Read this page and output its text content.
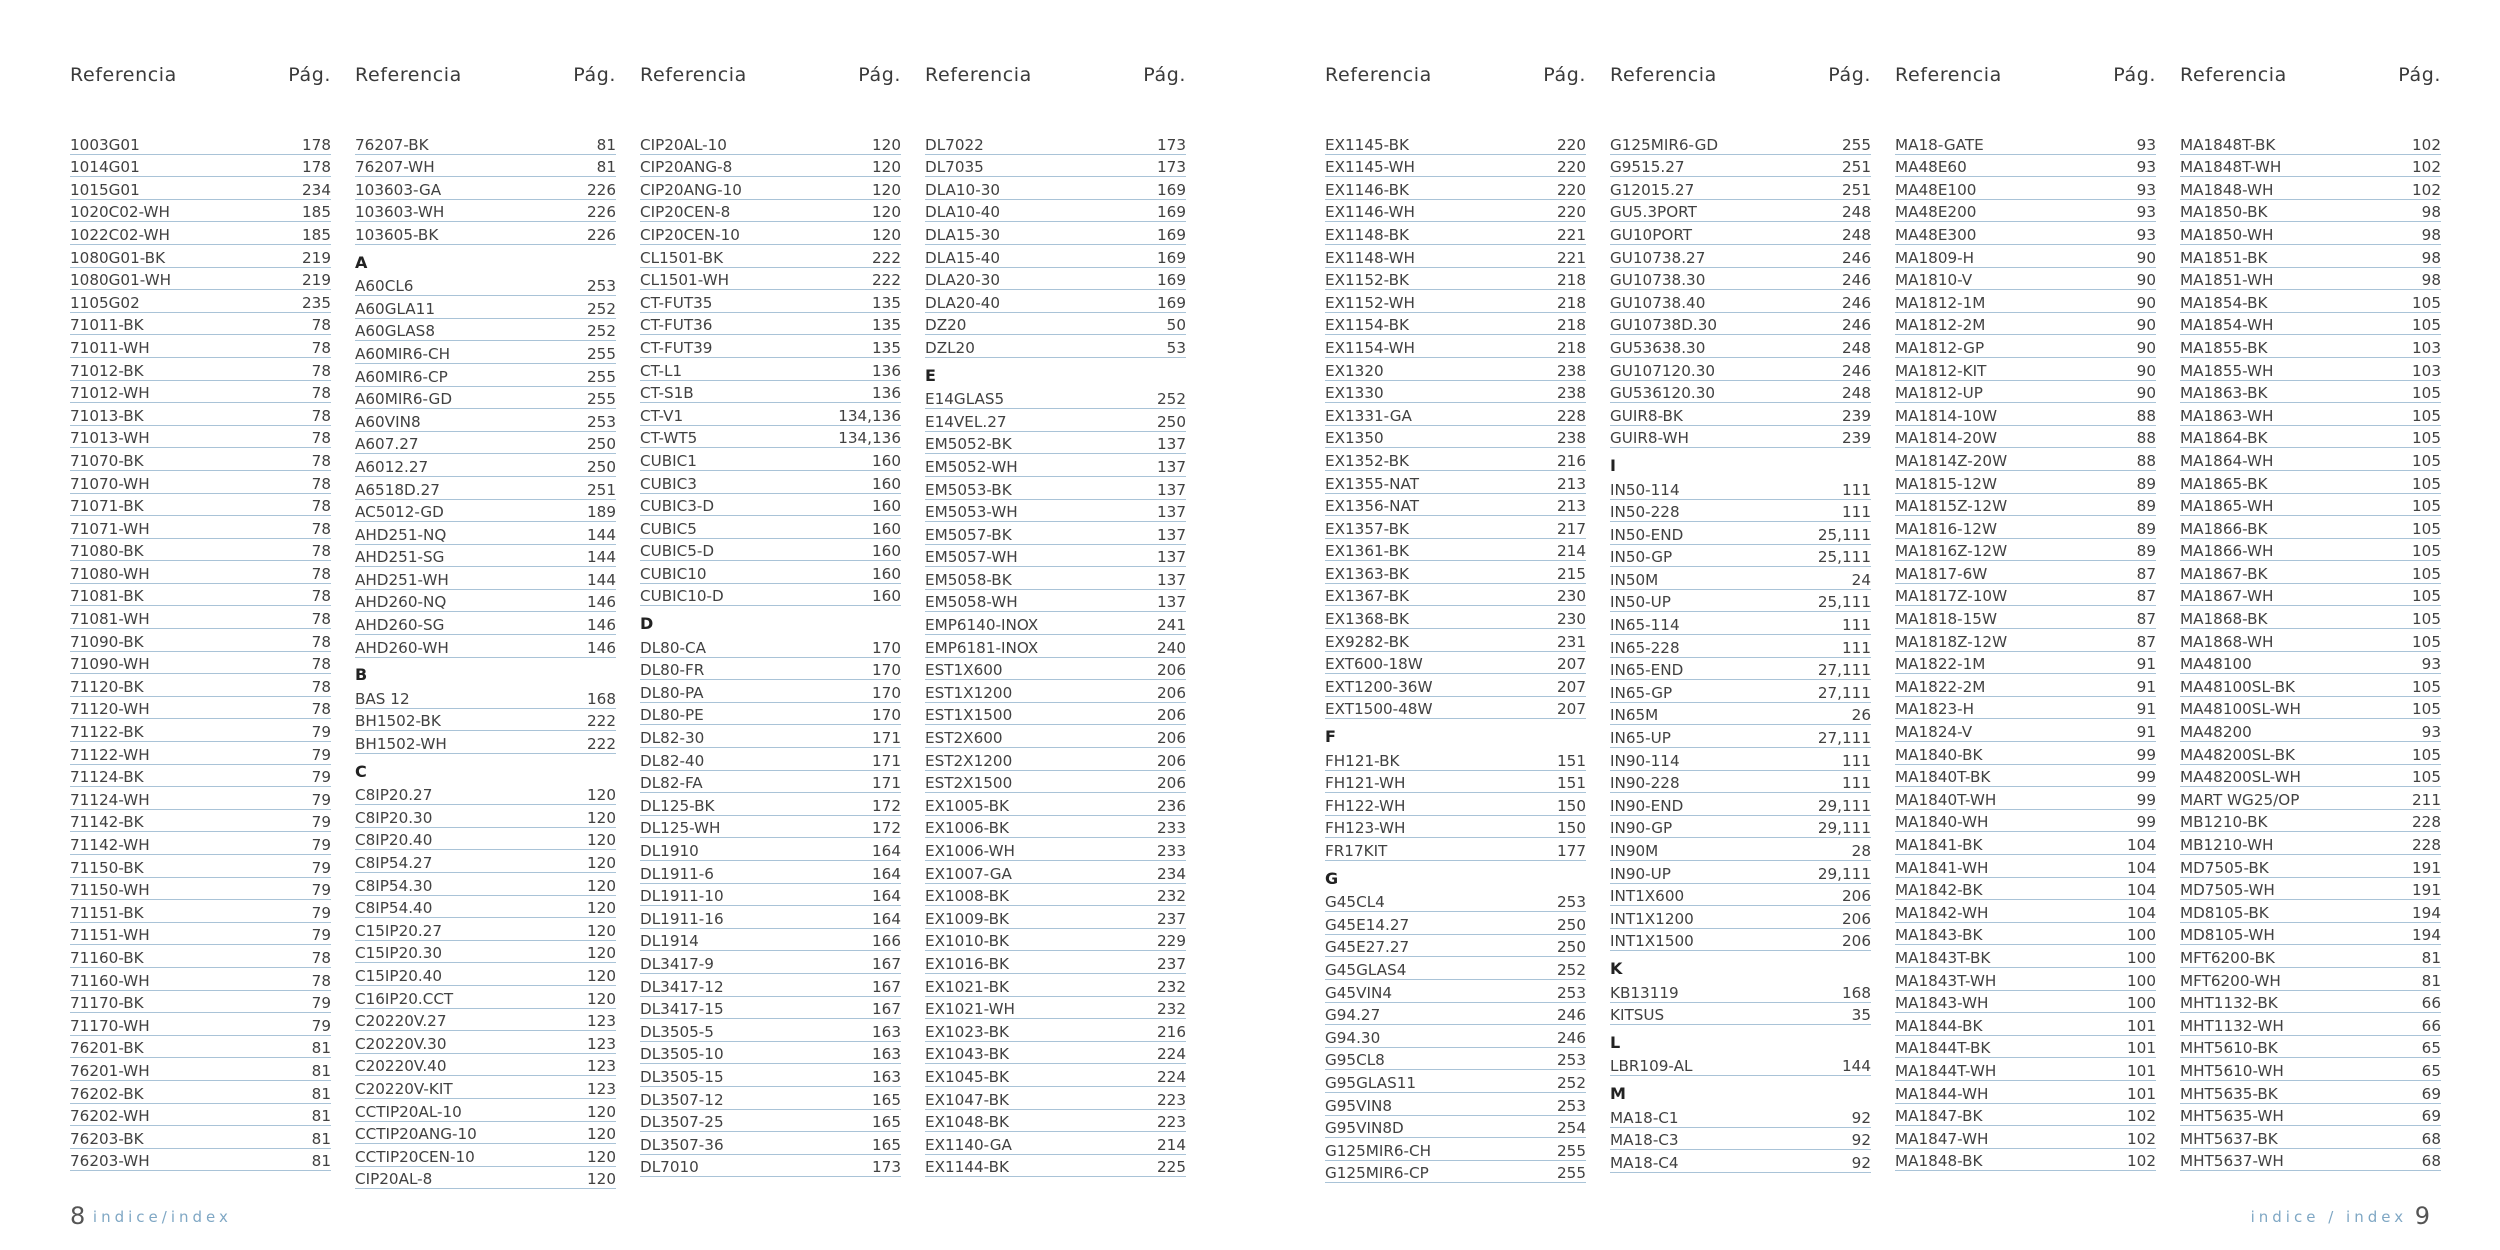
8 indice/index	indice / index 9
Referencia	Pág.
1003G01	178
1014G01	178
1015G01	234
1020C02-WH	185
1022C02-WH	185
1080G01-BK	219
1080G01-WH	219
1105G02	235
71011-BK	78
71011-WH	78
71012-BK	78
71012-WH	78
71013-BK	78
71013-WH	78
71070-BK	78
71070-WH	78
71071-BK	78
71071-WH	78
71080-BK	78
71080-WH	78
71081-BK	78
71081-WH	78
71090-BK	78
71090-WH	78
71120-BK	78
71120-WH	78
71122-BK	79
71122-WH	79
71124-BK	79
71124-WH	79
71142-BK	79
71142-WH	79
71150-BK	79
71150-WH	79
71151-BK	79
71151-WH	79
71160-BK	78
71160-WH	78
71170-BK	79
71170-WH	79
76201-BK	81
76201-WH	81
76202-BK	81
76202-WH	81
76203-BK	81
76203-WH	81
Referencia	Pág.
76207-BK	81
76207-WH	81
103603-GA	226
103603-WH	226
103605-BK	226
A
A60CL6	253
A60GLA11	252
A60GLAS8	252
A60MIR6-CH	255
A60MIR6-CP	255
A60MIR6-GD	255
A60VIN8	253
A607.27	250
A6012.27	250
A6518D.27	251
AC5012-GD	189
AHD251-NQ	144
AHD251-SG	144
AHD251-WH	144
AHD260-NQ	146
AHD260-SG	146
AHD260-WH	146
B
BAS 12	168
BH1502-BK	222
BH1502-WH	222
C
C8IP20.27	120
C8IP20.30	120
C8IP20.40	120
C8IP54.27	120
C8IP54.30	120
C8IP54.40	120
C15IP20.27	120
C15IP20.30	120
C15IP20.40	120
C16IP20.CCT	120
C20220V.27	123
C20220V.30	123
C20220V.40	123
C20220V-KIT	123
CCTIP20AL-10	120
CCTIP20ANG-10	120
CCTIP20CEN-10	120
CIP20AL-8	120
Referencia	Pág.
CIP20AL-10	120
CIP20ANG-8	120
CIP20ANG-10	120
CIP20CEN-8	120
CIP20CEN-10	120
CL1501-BK	222
CL1501-WH	222
CT-FUT35	135
CT-FUT36	135
CT-FUT39	135
CT-L1	136
CT-S1B	136
CT-V1	134,136
CT-WT5	134,136
CUBIC1	160
CUBIC3	160
CUBIC3-D	160
CUBIC5	160
CUBIC5-D	160
CUBIC10	160
CUBIC10-D	160
D
DL80-CA	170
DL80-FR	170
DL80-PA	170
DL80-PE	170
DL82-30	171
DL82-40	171
DL82-FA	171
DL125-BK	172
DL125-WH	172
DL1910	164
DL1911-6	164
DL1911-10	164
DL1911-16	164
DL1914	166
DL3417-9	167
DL3417-12	167
DL3417-15	167
DL3505-5	163
DL3505-10	163
DL3505-15	163
DL3507-12	165
DL3507-25	165
DL3507-36	165
DL7010	173
Referencia	Pág.
DL7022	173
DL7035	173
DLA10-30	169
DLA10-40	169
DLA15-30	169
DLA15-40	169
DLA20-30	169
DLA20-40	169
DZ20	50
DZL20	53
E
E14GLAS5	252
E14VEL.27	250
EM5052-BK	137
EM5052-WH	137
EM5053-BK	137
EM5053-WH	137
EM5057-BK	137
EM5057-WH	137
EM5058-BK	137
EM5058-WH	137
EMP6140-INOX	241
EMP6181-INOX	240
EST1X600	206
EST1X1200	206
EST1X1500	206
EST2X600	206
EST2X1200	206
EST2X1500	206
EX1005-BK	236
EX1006-BK	233
EX1006-WH	233
EX1007-GA	234
EX1008-BK	232
EX1009-BK	237
EX1010-BK	229
EX1016-BK	237
EX1021-BK	232
EX1021-WH	232
EX1023-BK	216
EX1043-BK	224
EX1045-BK	224
EX1047-BK	223
EX1048-BK	223
EX1140-GA	214
EX1144-BK	225
Referencia	Pág.
EX1145-BK	220
EX1145-WH	220
EX1146-BK	220
EX1146-WH	220
EX1148-BK	221
EX1148-WH	221
EX1152-BK	218
EX1152-WH	218
EX1154-BK	218
EX1154-WH	218
EX1320	238
EX1330	238
EX1331-GA	228
EX1350	238
EX1352-BK	216
EX1355-NAT	213
EX1356-NAT	213
EX1357-BK	217
EX1361-BK	214
EX1363-BK	215
EX1367-BK	230
EX1368-BK	230
EX9282-BK	231
EXT600-18W	207
EXT1200-36W	207
EXT1500-48W	207
F
FH121-BK	151
FH121-WH	151
FH122-WH	150
FH123-WH	150
FR17KIT	177
G
G45CL4	253
G45E14.27	250
G45E27.27	250
G45GLAS4	252
G45VIN4	253
G94.27	246
G94.30	246
G95CL8	253
G95GLAS11	252
G95VIN8	253
G95VIN8D	254
G125MIR6-CH	255
G125MIR6-CP	255
Referencia	Pág.
G125MIR6-GD	255
G9515.27	251
G12015.27	251
GU5.3PORT	248
GU10PORT	248
GU10738.27	246
GU10738.30	246
GU10738.40	246
GU10738D.30	246
GU53638.30	248
GU107120.30	246
GU536120.30	248
GUIR8-BK	239
GUIR8-WH	239
I
IN50-114	111
IN50-228	111
IN50-END	25,111
IN50-GP	25,111
IN50M	24
IN50-UP	25,111
IN65-114	111
IN65-228	111
IN65-END	27,111
IN65-GP	27,111
IN65M	26
IN65-UP	27,111
IN90-114	111
IN90-228	111
IN90-END	29,111
IN90-GP	29,111
IN90M	28
IN90-UP	29,111
INT1X600	206
INT1X1200	206
INT1X1500	206
K
KB13119	168
KITSUS	35
L
LBR109-AL	144
M
MA18-C1	92
MA18-C3	92
MA18-C4	92
Referencia	Pág.
MA18-GATE	93
MA48E60	93
MA48E100	93
MA48E200	93
MA48E300	93
MA1809-H	90
MA1810-V	90
MA1812-1M	90
MA1812-2M	90
MA1812-GP	90
MA1812-KIT	90
MA1812-UP	90
MA1814-10W	88
MA1814-20W	88
MA1814Z-20W	88
MA1815-12W	89
MA1815Z-12W	89
MA1816-12W	89
MA1816Z-12W	89
MA1817-6W	87
MA1817Z-10W	87
MA1818-15W	87
MA1818Z-12W	87
MA1822-1M	91
MA1822-2M	91
MA1823-H	91
MA1824-V	91
MA1840-BK	99
MA1840T-BK	99
MA1840T-WH	99
MA1840-WH	99
MA1841-BK	104
MA1841-WH	104
MA1842-BK	104
MA1842-WH	104
MA1843-BK	100
MA1843T-BK	100
MA1843T-WH	100
MA1843-WH	100
MA1844-BK	101
MA1844T-BK	101
MA1844T-WH	101
MA1844-WH	101
MA1847-BK	102
MA1847-WH	102
MA1848-BK	102
Referencia	Pág.
MA1848T-BK	102
MA1848T-WH	102
MA1848-WH	102
MA1850-BK	98
MA1850-WH	98
MA1851-BK	98
MA1851-WH	98
MA1854-BK	105
MA1854-WH	105
MA1855-BK	103
MA1855-WH	103
MA1863-BK	105
MA1863-WH	105
MA1864-BK	105
MA1864-WH	105
MA1865-BK	105
MA1865-WH	105
MA1866-BK	105
MA1866-WH	105
MA1867-BK	105
MA1867-WH	105
MA1868-BK	105
MA1868-WH	105
MA48100	93
MA48100SL-BK	105
MA48100SL-WH	105
MA48200	93
MA48200SL-BK	105
MA48200SL-WH	105
MART WG25/OP	211
MB1210-BK	228
MB1210-WH	228
MD7505-BK	191
MD7505-WH	191
MD8105-BK	194
MD8105-WH	194
MFT6200-BK	81
MFT6200-WH	81
MHT1132-BK	66
MHT1132-WH	66
MHT5610-BK	65
MHT5610-WH	65
MHT5635-BK	69
MHT5635-WH	69
MHT5637-BK	68
MHT5637-WH	68
